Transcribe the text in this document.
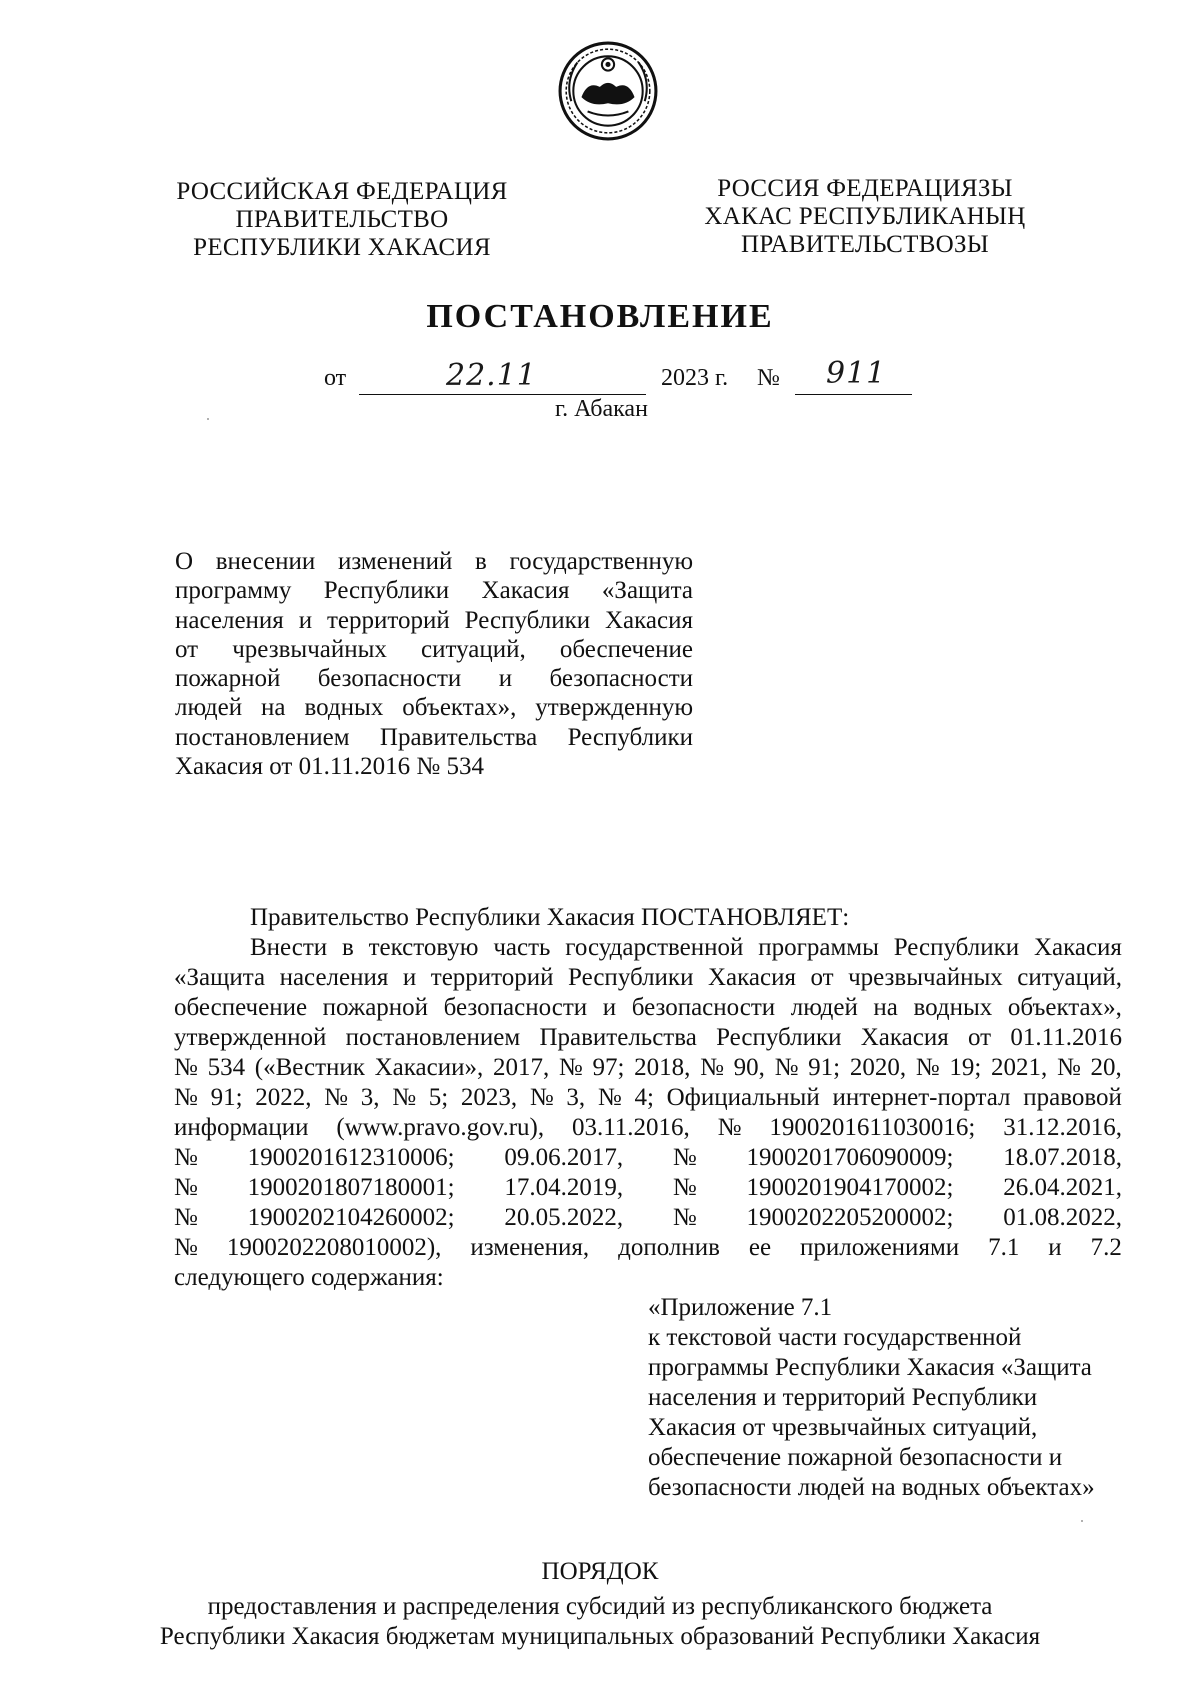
РОССИЙСКАЯ ФЕДЕРАЦИЯ
ПРАВИТЕЛЬСТВО
РЕСПУБЛИКИ ХАКАСИЯ
РОССИЯ ФЕДЕРАЦИЯЗЫ
ХАКАС РЕСПУБЛИКАНЫҢ
ПРАВИТЕЛЬСТВОЗЫ
ПОСТАНОВЛЕНИЕ
от	22.11	2023 г. № 911
г. Абакан
О внесении изменений в государственную
программу Республики Хакасия «Защита
населения и территорий Республики Хакасия
от чрезвычайных ситуаций, обеспечение
пожарной безопасности и безопасности
людей на водных объектах», утвержденную
постановлением Правительства Республики
Хакасия от 01.11.2016 № 534
Правительство Республики Хакасия ПОСТАНОВЛЯЕТ:
Внести в текстовую часть государственной программы Республики Хакасия
«Защита населения и территорий Республики Хакасия от чрезвычайных ситуаций,
обеспечение пожарной безопасности и безопасности людей на водных объектах»,
утвержденной постановлением Правительства Республики Хакасия от 01.11.2016
№ 534 («Вестник Хакасии», 2017, № 97; 2018, № 90, № 91; 2020, № 19; 2021, № 20,
№ 91; 2022, № 3, № 5; 2023, № 3, № 4; Официальный интернет-портал правовой
информации (www.pravo.gov.ru), 03.11.2016, № 1900201611030016; 31.12.2016,
№ 1900201612310006; 09.06.2017, № 1900201706090009; 18.07.2018,
№ 1900201807180001; 17.04.2019, № 1900201904170002; 26.04.2021,
№ 1900202104260002; 20.05.2022, № 1900202205200002; 01.08.2022,
№ 1900202208010002), изменения, дополнив ее приложениями 7.1 и 7.2
следующего содержания:
«Приложение 7.1
к текстовой части государственной
программы Республики Хакасия «Защита
населения и территорий Республики
Хакасия от чрезвычайных ситуаций,
обеспечение пожарной безопасности и
безопасности людей на водных объектах»
ПОРЯДОК
предоставления и распределения субсидий из республиканского бюджета
Республики Хакасия бюджетам муниципальных образований Республики Хакасия
